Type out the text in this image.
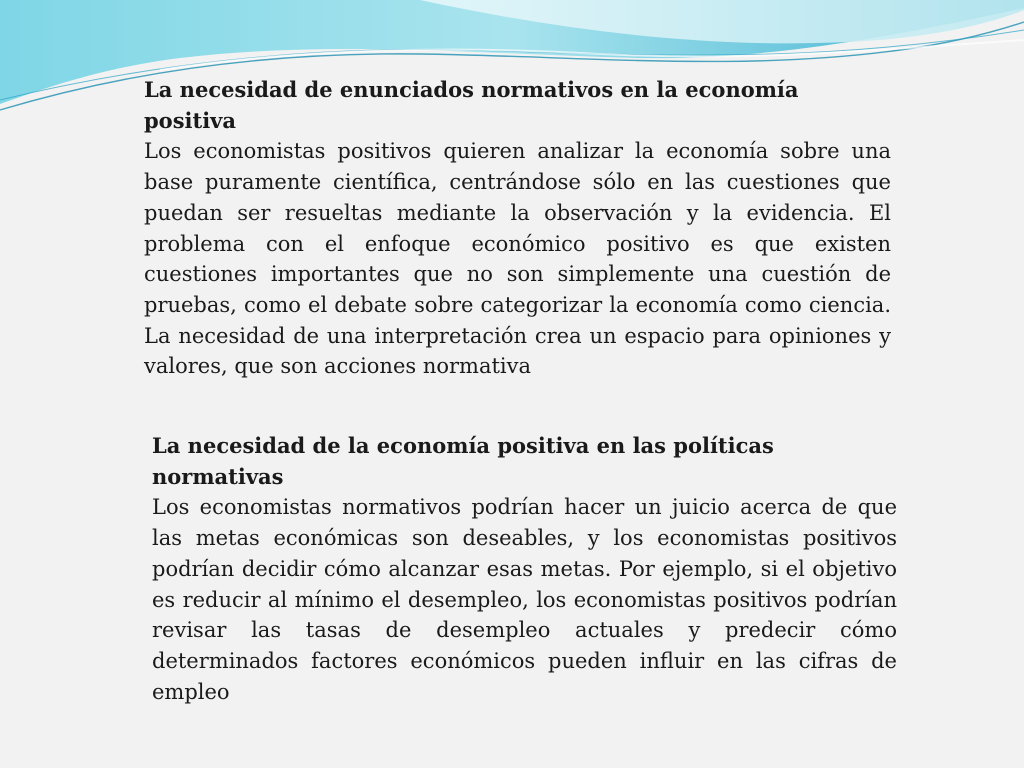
La necesidad de enunciados normativos en la economía positiva

Los economistas positivos quieren analizar la economía sobre una base puramente científica, centrándose sólo en las cuestiones que puedan ser resueltas mediante la observación y la evidencia. El problema con el enfoque económico positivo es que existen cuestiones importantes que no son simplemente una cuestión de pruebas, como el debate sobre categorizar la economía como ciencia. La necesidad de una interpretación crea un espacio para opiniones y valores, que son acciones normativa

La necesidad de la economía positiva en las políticas normativas

Los economistas normativos podrían hacer un juicio acerca de que las metas económicas son deseables, y los economistas positivos podrían decidir cómo alcanzar esas metas. Por ejemplo, si el objetivo es reducir al mínimo el desempleo, los economistas positivos podrían revisar las tasas de desempleo actuales y predecir cómo determinados factores económicos pueden influir en las cifras de empleo
